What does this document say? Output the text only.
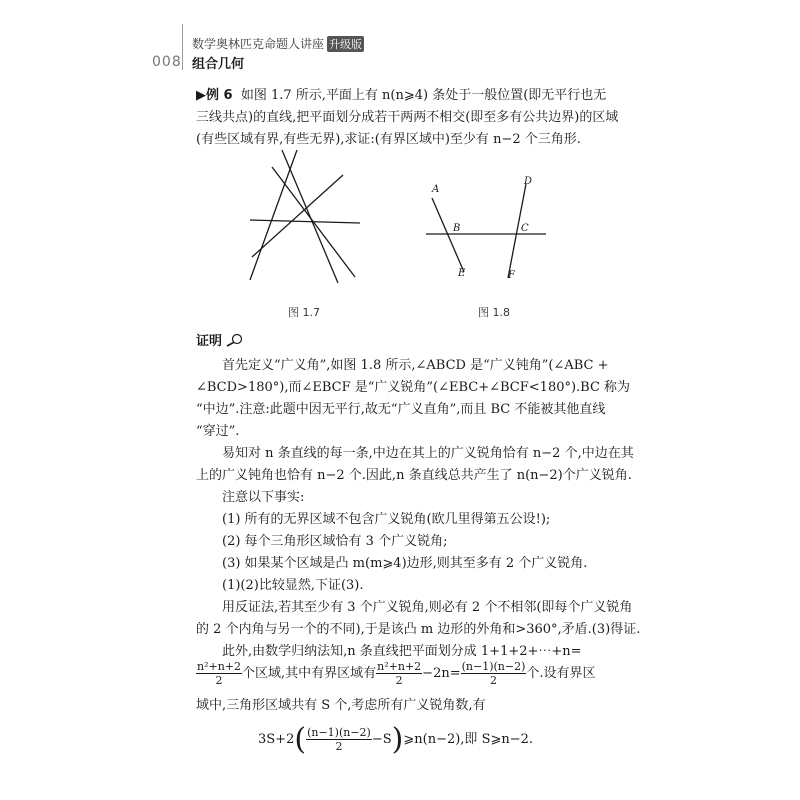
008
数学奥林匹克命题人讲座 升级版
组合几何
▶例 6 如图 1.7 所示,平面上有 n(n⩾4) 条处于一般位置(即无平行也无
三线共点)的直线,把平面划分成若干两两不相交(即至多有公共边界)的区域
(有些区域有界,有些无界),求证:(有界区域中)至少有 n−2 个三角形.
图 1.7
A
B	C
D
E	F
图 1.8
证明
首先定义“广义角”,如图 1.8 所示,∠ABCD 是“广义钝角”(∠ABC +
∠BCD>180°),而∠EBCF 是“广义锐角”(∠EBC+∠BCF<180°).BC 称为
“中边”.注意:此题中因无平行,故无“广义直角”,而且 BC 不能被其他直线
“穿过”.
易知对 n 条直线的每一条,中边在其上的广义锐角恰有 n−2 个,中边在其
上的广义钝角也恰有 n−2 个.因此,n 条直线总共产生了 n(n−2)个广义锐角.
注意以下事实:
(1) 所有的无界区域不包含广义锐角(欧几里得第五公设!);
(2) 每个三角形区域恰有 3 个广义锐角;
(3) 如果某个区域是凸 m(m⩾4)边形,则其至多有 2 个广义锐角.
(1)(2)比较显然,下证(3).
用反证法,若其至少有 3 个广义锐角,则必有 2 个不相邻(即每个广义锐角
的 2 个内角与另一个的不同),于是该凸 m 边形的外角和>360°,矛盾.(3)得证.
此外,由数学归纳法知,n 条直线把平面划分成 1+1+2+⋯+n=
$\frac{\text{n²+n+2}}{2}$ 个区域,其中有界区域有 $\frac{\text{n²+n+2}}{2} -2n= \frac{(n-1)(n-2)}{2}$ 个.设有界区
域中,三角形区域共有 S 个,考虑所有广义锐角数,有
$3S+2( \frac{(n-1)(n-2)}{2}$ −S)⩾n(n−2),即 S⩾n−2.
